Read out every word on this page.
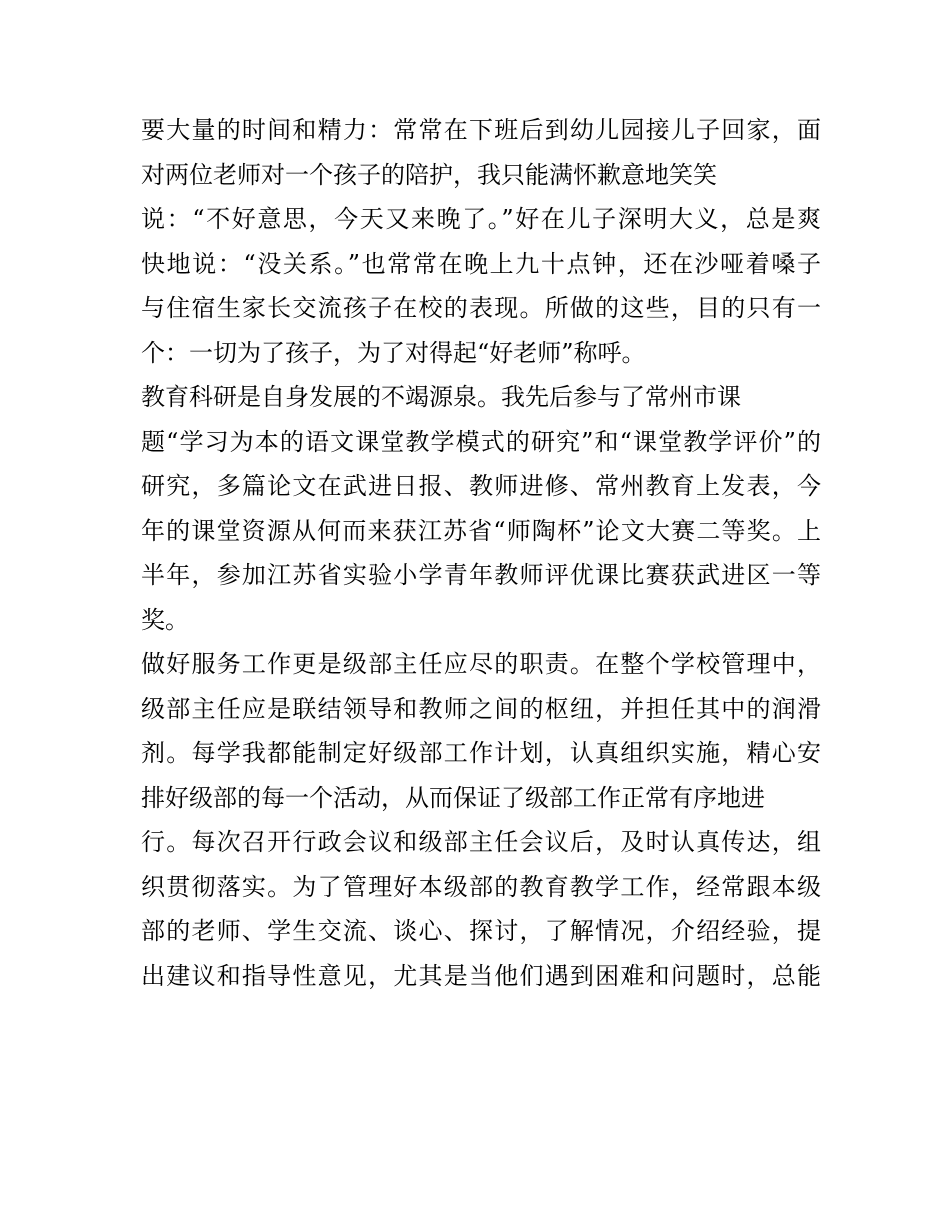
要大量的时间和精力：常常在下班后到幼儿园接儿子回家，面
对两位老师对一个孩子的陪护，我只能满怀歉意地笑笑
说：“不好意思，今天又来晚了。”好在儿子深明大义，总是爽
快地说：“没关系。”也常常在晚上九十点钟，还在沙哑着嗓子
与住宿生家长交流孩子在校的表现。所做的这些，目的只有一
个：一切为了孩子，为了对得起“好老师”称呼。
教育科研是自身发展的不竭源泉。我先后参与了常州市课
题“学习为本的语文课堂教学模式的研究”和“课堂教学评价”的
研究，多篇论文在武进日报、教师进修、常州教育上发表，今
年的课堂资源从何而来获江苏省“师陶杯”论文大赛二等奖。上
半年，参加江苏省实验小学青年教师评优课比赛获武进区一等
奖。
做好服务工作更是级部主任应尽的职责。在整个学校管理中，
级部主任应是联结领导和教师之间的枢纽，并担任其中的润滑
剂。每学我都能制定好级部工作计划，认真组织实施，精心安
排好级部的每一个活动，从而保证了级部工作正常有序地进
行。每次召开行政会议和级部主任会议后，及时认真传达，组
织贯彻落实。为了管理好本级部的教育教学工作，经常跟本级
部的老师、学生交流、谈心、探讨，了解情况，介绍经验，提
出建议和指导性意见，尤其是当他们遇到困难和问题时，总能
